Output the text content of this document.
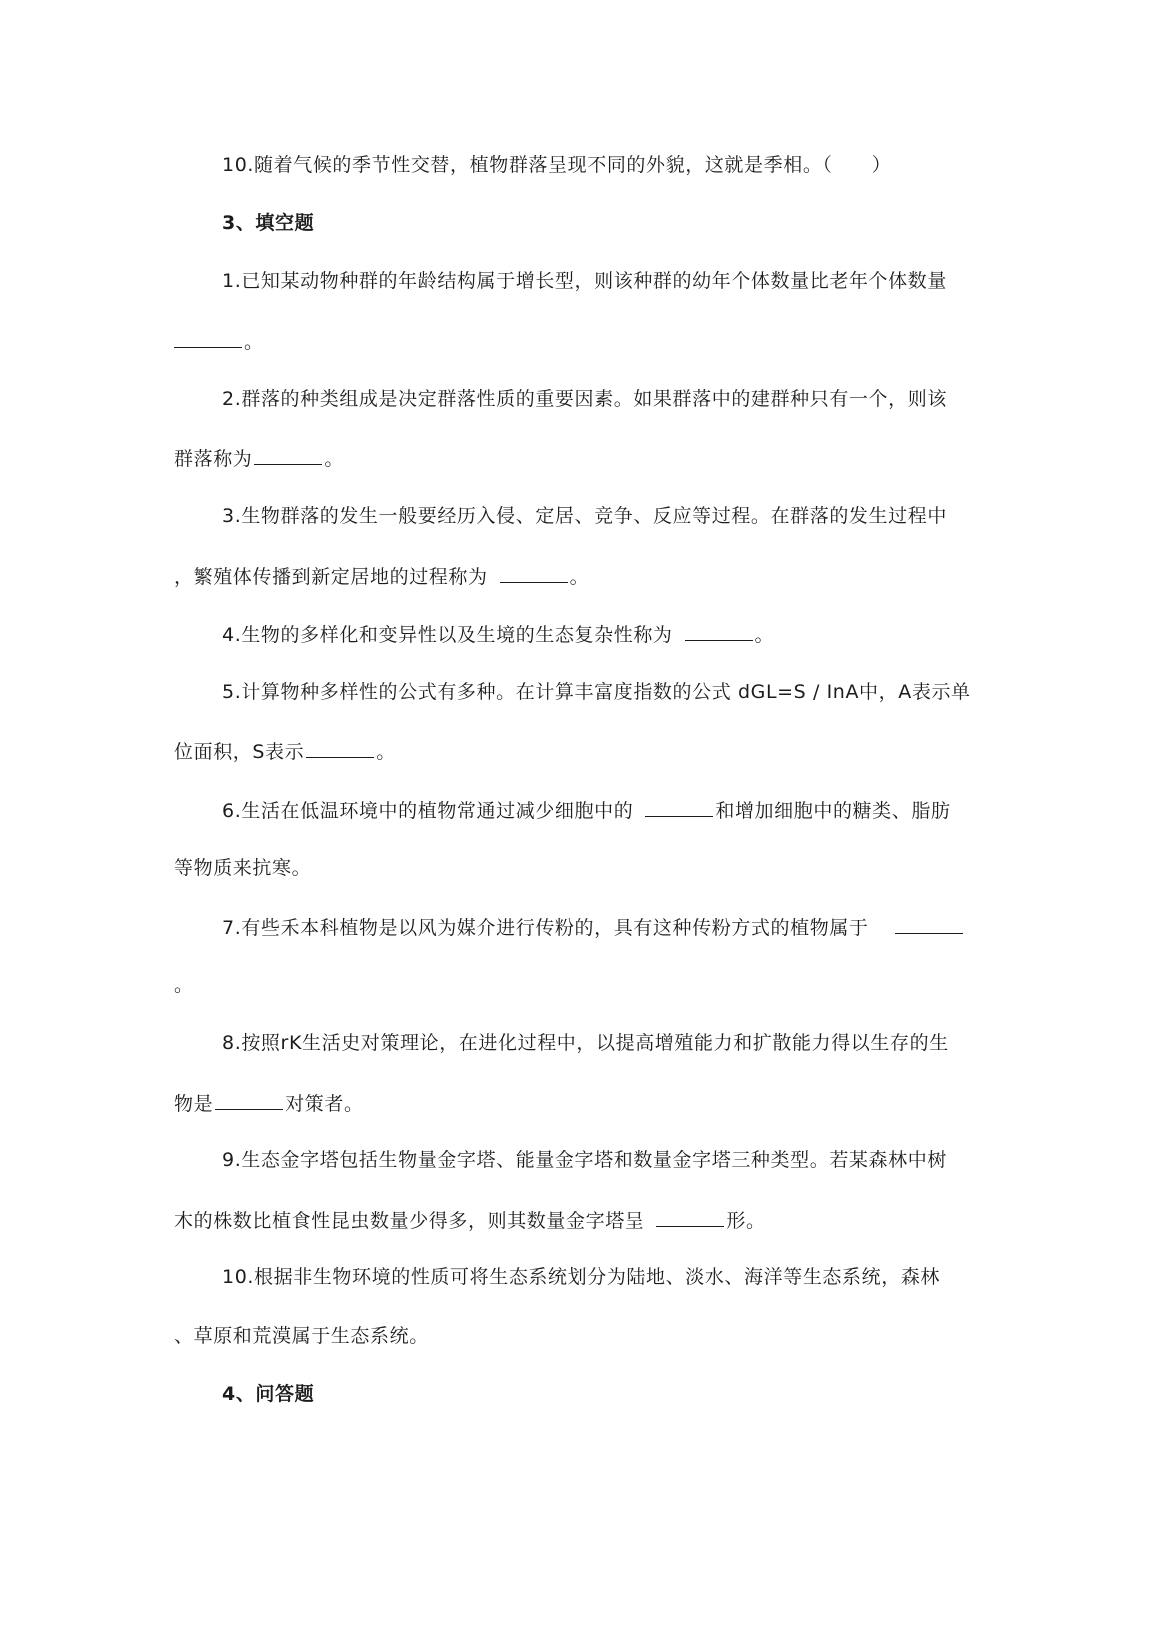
10.随着气候的季节性交替，植物群落呈现不同的外貌，这就是季相。（　　）

3、填空题

1.已知某动物种群的年龄结构属于增长型，则该种群的幼年个体数量比老年个体数量

。

2.群落的种类组成是决定群落性质的重要因素。如果群落中的建群种只有一个，则该

群落称为	。

3.生物群落的发生一般要经历入侵、定居、竞争、反应等过程。在群落的发生过程中

，繁殖体传播到新定居地的过程称为	。

4.生物的多样化和变异性以及生境的生态复杂性称为	。

5.计算物种多样性的公式有多种。在计算丰富度指数的公式 dGL=S / InA中，A表示单

位面积，S表示	。

6.生活在低温环境中的植物常通过减少细胞中的	和增加细胞中的糖类、脂肪

等物质来抗寒。

7.有些禾本科植物是以风为媒介进行传粉的，具有这种传粉方式的植物属于

。

8.按照rK生活史对策理论，在进化过程中，以提高增殖能力和扩散能力得以生存的生

物是	对策者。

9.生态金字塔包括生物量金字塔、能量金字塔和数量金字塔三种类型。若某森林中树

木的株数比植食性昆虫数量少得多，则其数量金字塔呈	形。

10.根据非生物环境的性质可将生态系统划分为陆地、淡水、海洋等生态系统，森林

、草原和荒漠属于生态系统。

4、问答题
